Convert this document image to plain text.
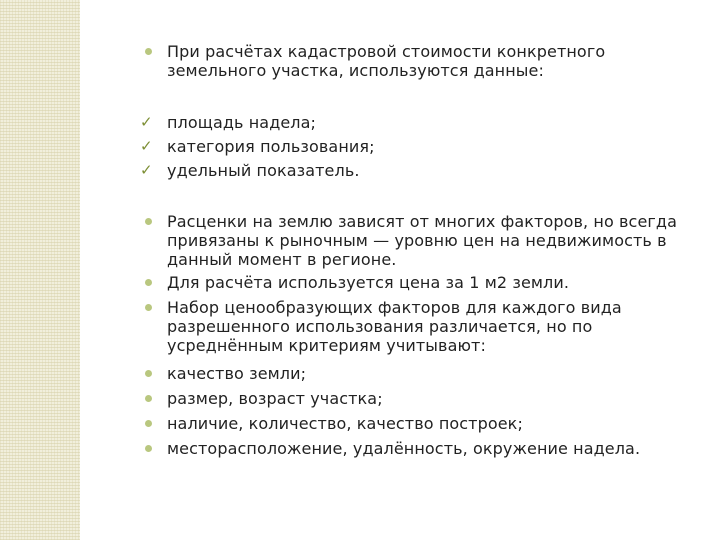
При расчётах кадастровой стоимости конкретного земельного участка, используются данные:
✓ площадь надела;
✓ категория пользования;
✓ удельный показатель.
Расценки на землю зависят от многих факторов, но всегда привязаны к рыночным — уровню цен на недвижимость в данный момент в регионе.
Для расчёта используется цена за 1 м2 земли.
Набор ценообразующих факторов для каждого вида разрешенного использования различается, но по усреднённым критериям учитывают:
качество земли;
размер, возраст участка;
наличие, количество, качество построек;
месторасположение, удалённость, окружение надела.
